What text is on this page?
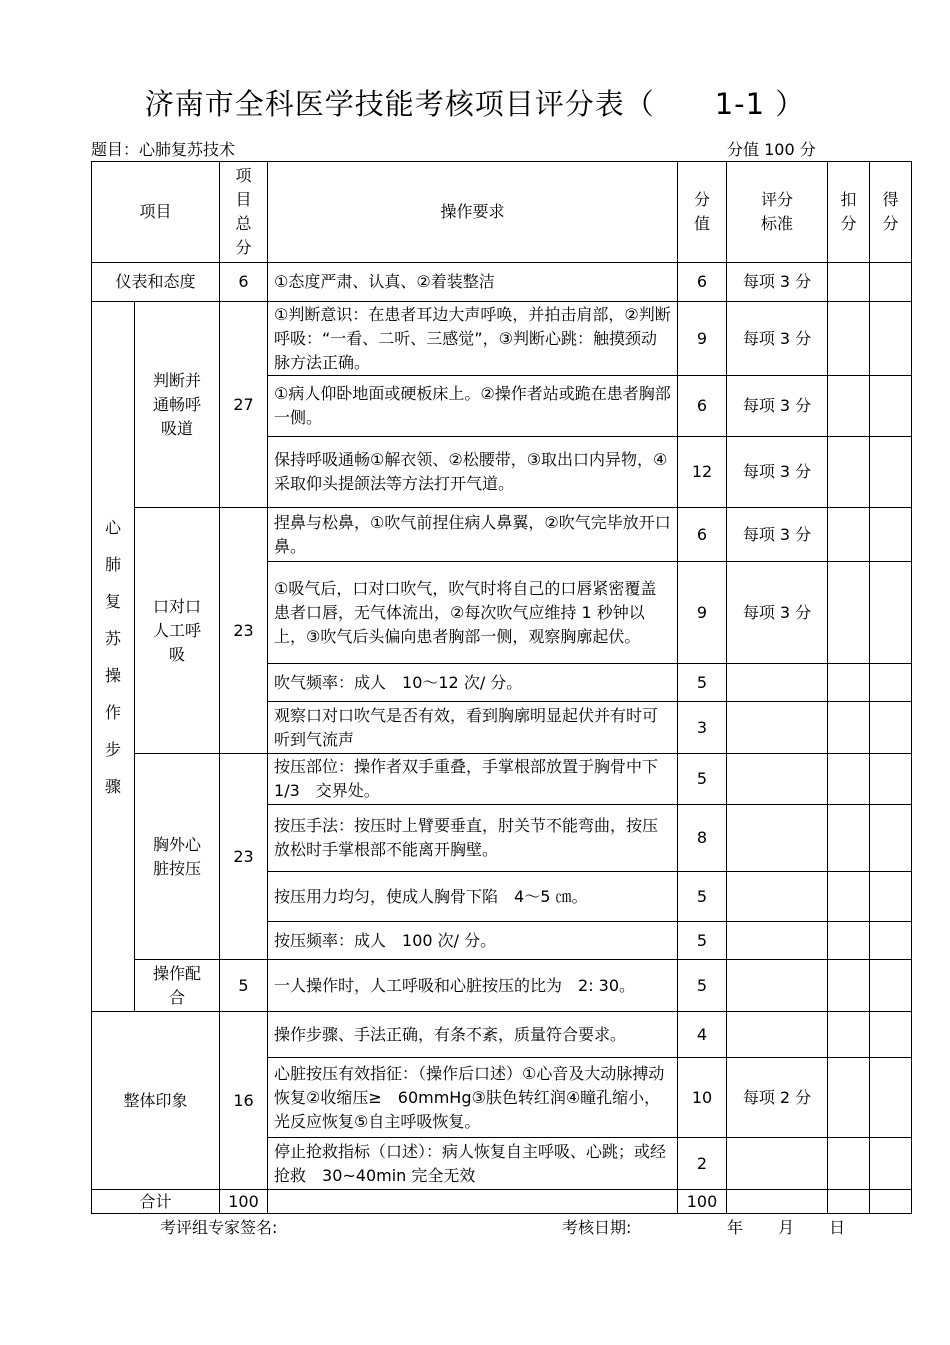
济南市全科医学技能考核项目评分表（　　1-1 ）
题目：心肺复苏技术	分值 100 分
项目		项目总分	操作要求	分值	评分标准	扣分	得分

仪表和态度		6	①态度严肃、认真、②着装整洁	6	每项 3 分		

心肺复苏操作步骤	判断并通畅呼吸道	27	①判断意识：在患者耳边大声呼唤，并拍击肩部，②判断呼吸：“一看、二听、三感觉”，③判断心跳：触摸颈动脉方法正确。	9	每项 3 分		
			①病人仰卧地面或硬板床上。②操作者站或跪在患者胸部一侧。	6	每项 3 分		
			保持呼吸通畅①解衣领、②松腰带，③取出口内异物，④采取仰头提颌法等方法打开气道。	12	每项 3 分		

	口对口人工呼吸	23	捏鼻与松鼻，①吹气前捏住病人鼻翼，②吹气完毕放开口鼻。	6	每项 3 分		
			①吸气后，口对口吹气，吹气时将自己的口唇紧密覆盖患者口唇，无气体流出，②每次吹气应维持 1 秒钟以上，③吹气后头偏向患者胸部一侧，观察胸廓起伏。	9	每项 3 分		
			吹气频率：成人　10～12 次/ 分。	5			
			观察口对口吹气是否有效，看到胸廓明显起伏并有时可听到气流声	3			

	胸外心脏按压	23	按压部位：操作者双手重叠，手掌根部放置于胸骨中下　1/3　交界处。	5			
			按压手法：按压时上臂要垂直，肘关节不能弯曲，按压放松时手掌根部不能离开胸壁。	8			
			按压用力均匀，使成人胸骨下陷　4～5 ㎝。	5			
			按压频率：成人　100 次/ 分。	5			

	操作配合	5	一人操作时，人工呼吸和心脏按压的比为　2: 30。	5			
整体印象		16	操作步骤、手法正确，有条不紊，质量符合要求。	4			
			心脏按压有效指征：（操作后口述）①心音及大动脉搏动恢复②收缩压≥　60mmHg③肤色转红润④瞳孔缩小，光反应恢复⑤自主呼吸恢复。	10	每项 2 分		
			停止抢救指标（口述）：病人恢复自主呼吸、心跳；或经抢救　30~40min 完全无效	2			
合计		100		100			
考评组专家签名:	考核日期:	年 月 日
